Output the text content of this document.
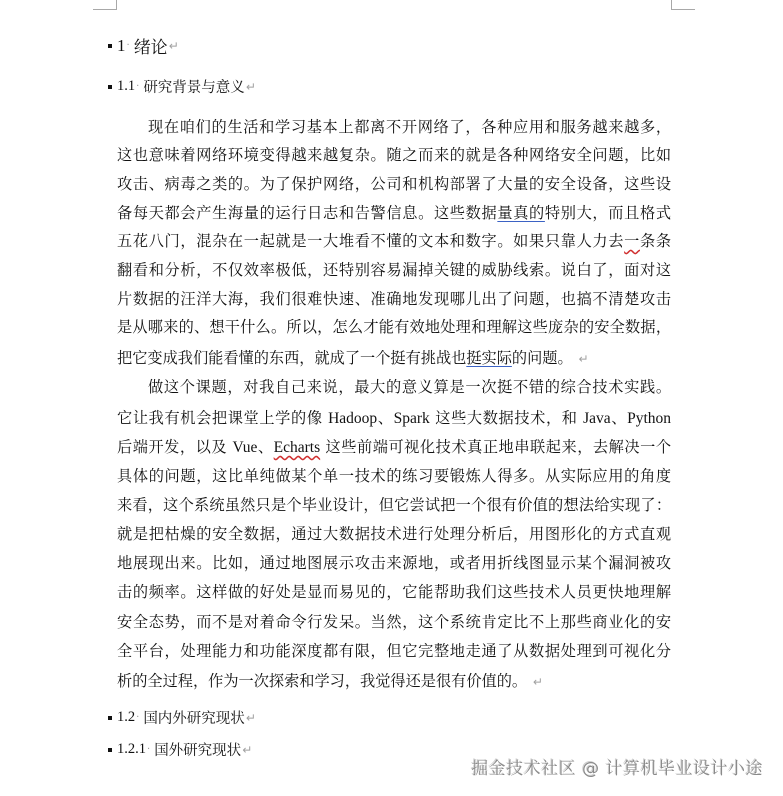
1 · 绪论 ↵
1.1 · 研究背景与意义 ↵
现在咱们的生活和学习基本上都离不开网络了，各种应用和服务越来越多，
这也意味着网络环境变得越来越复杂。随之而来的就是各种网络安全问题，比如
攻击、病毒之类的。为了保护网络，公司和机构部署了大量的安全设备，这些设
备每天都会产生海量的运行日志和告警信息。这些数据量真的特别大，而且格式
五花八门，混杂在一起就是一大堆看不懂的文本和数字。如果只靠人力去一条条
翻看和分析，不仅效率极低，还特别容易漏掉关键的威胁线索。说白了，面对这
片数据的汪洋大海，我们很难快速、准确地发现哪儿出了问题，也搞不清楚攻击
是从哪来的、想干什么。所以，怎么才能有效地处理和理解这些庞杂的安全数据，
把它变成我们能看懂的东西，就成了一个挺有挑战也挺实际的问题。 ↵
做这个课题，对我自己来说，最大的意义算是一次挺不错的综合技术实践。
它让我有机会把课堂上学的像 Hadoop、Spark 这些大数据技术，和 Java、Python
后端开发，以及 Vue、Echarts 这些前端可视化技术真正地串联起来，去解决一个
具体的问题，这比单纯做某个单一技术的练习要锻炼人得多。从实际应用的角度
来看，这个系统虽然只是个毕业设计，但它尝试把一个很有价值的想法给实现了：
就是把枯燥的安全数据，通过大数据技术进行处理分析后，用图形化的方式直观
地展现出来。比如，通过地图展示攻击来源地，或者用折线图显示某个漏洞被攻
击的频率。这样做的好处是显而易见的，它能帮助我们这些技术人员更快地理解
安全态势，而不是对着命令行发呆。当然，这个系统肯定比不上那些商业化的安
全平台，处理能力和功能深度都有限，但它完整地走通了从数据处理到可视化分
析的全过程，作为一次探索和学习，我觉得还是很有价值的。 ↵
1.2 · 国内外研究现状 ↵
1.2.1 · 国外研究现状 ↵
掘金技术社区 @ 计算机毕业设计小途
